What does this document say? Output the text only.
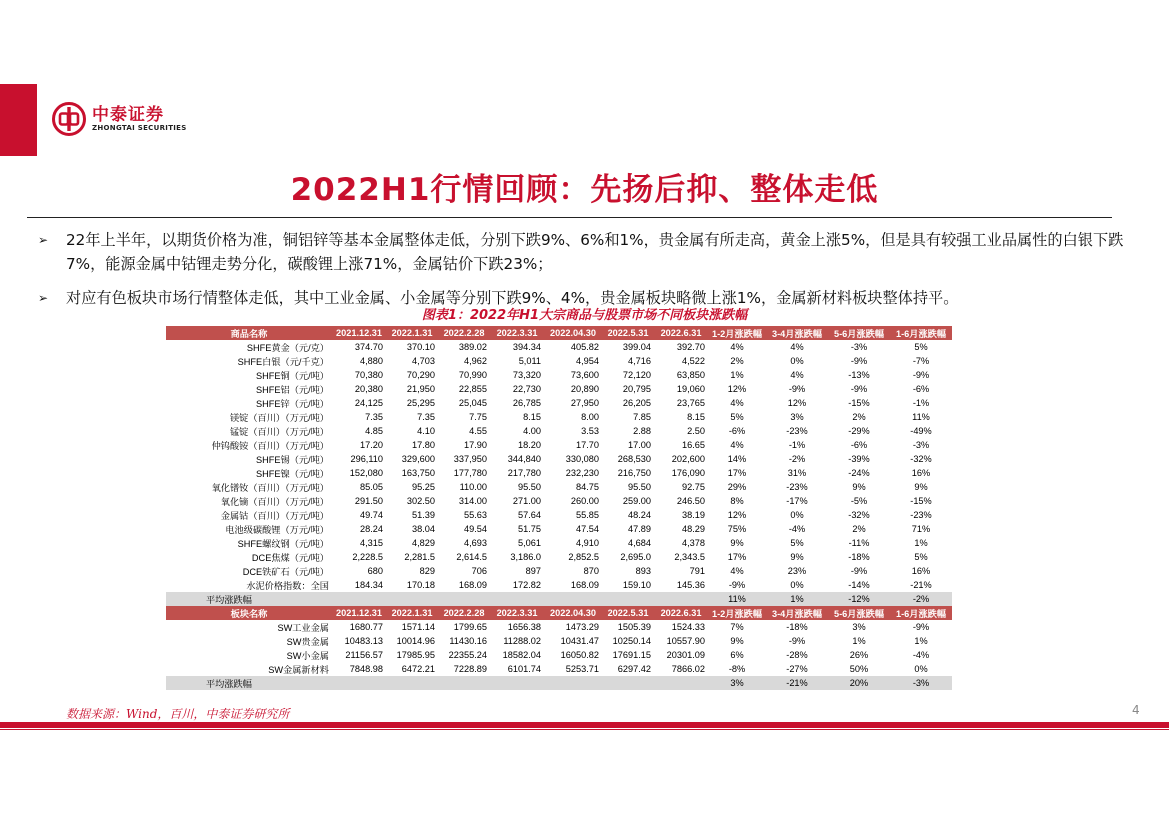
中泰证券
ZHONGTAI SECURITIES
2022H1行情回顾：先扬后抑、整体走低
➢ 22年上半年，以期货价格为准，铜铝锌等基本金属整体走低，分别下跌9%、6%和1%，贵金属有所走高，黄金上涨5%，但是具有较强工业品属性的白银下跌7%，能源金属中钴锂走势分化，碳酸锂上涨71%，金属钴价下跌23%；
➢ 对应有色板块市场行情整体走低，其中工业金属、小金属等分别下跌9%、4%，贵金属板块略微上涨1%，金属新材料板块整体持平。
图表1：2022年H1大宗商品与股票市场不同板块涨跌幅
商品名称	2021.12.31	2022.1.31	2022.2.28	2022.3.31	2022.04.30	2022.5.31	2022.6.31	1-2月涨跌幅	3-4月涨跌幅	5-6月涨跌幅	1-6月涨跌幅
SHFE黄金（元/克）	374.70	370.10	389.02	394.34	405.82	399.04	392.70	4%	4%	-3%	5%
SHFE白银（元/千克）	4,880	4,703	4,962	5,011	4,954	4,716	4,522	2%	0%	-9%	-7%
SHFE铜（元/吨）	70,380	70,290	70,990	73,320	73,600	72,120	63,850	1%	4%	-13%	-9%
SHFE铝（元/吨）	20,380	21,950	22,855	22,730	20,890	20,795	19,060	12%	-9%	-9%	-6%
SHFE锌（元/吨）	24,125	25,295	25,045	26,785	27,950	26,205	23,765	4%	12%	-15%	-1%
镁锭（百川）（万元/吨）	7.35	7.35	7.75	8.15	8.00	7.85	8.15	5%	3%	2%	11%
锰锭（百川）（万元/吨）	4.85	4.10	4.55	4.00	3.53	2.88	2.50	-6%	-23%	-29%	-49%
仲钨酸铵（百川）（万元/吨）	17.20	17.80	17.90	18.20	17.70	17.00	16.65	4%	-1%	-6%	-3%
SHFE锡（元/吨）	296,110	329,600	337,950	344,840	330,080	268,530	202,600	14%	-2%	-39%	-32%
SHFE镍（元/吨）	152,080	163,750	177,780	217,780	232,230	216,750	176,090	17%	31%	-24%	16%
氧化镨钕（百川）（万元/吨）	85.05	95.25	110.00	95.50	84.75	95.50	92.75	29%	-23%	9%	9%
氧化镝（百川）（万元/吨）	291.50	302.50	314.00	271.00	260.00	259.00	246.50	8%	-17%	-5%	-15%
金属钴（百川）（万元/吨）	49.74	51.39	55.63	57.64	55.85	48.24	38.19	12%	0%	-32%	-23%
电池级碳酸锂（万元/吨）	28.24	38.04	49.54	51.75	47.54	47.89	48.29	75%	-4%	2%	71%
SHFE螺纹钢（元/吨）	4,315	4,829	4,693	5,061	4,910	4,684	4,378	9%	5%	-11%	1%
DCE焦煤（元/吨）	2,228.5	2,281.5	2,614.5	3,186.0	2,852.5	2,695.0	2,343.5	17%	9%	-18%	5%
DCE铁矿石（元/吨）	680	829	706	897	870	893	791	4%	23%	-9%	16%
水泥价格指数：全国	184.34	170.18	168.09	172.82	168.09	159.10	145.36	-9%	0%	-14%	-21%
平均涨跌幅								11%	1%	-12%	-2%
板块名称	2021.12.31	2022.1.31	2022.2.28	2022.3.31	2022.04.30	2022.5.31	2022.6.31	1-2月涨跌幅	3-4月涨跌幅	5-6月涨跌幅	1-6月涨跌幅
SW工业金属	1680.77	1571.14	1799.65	1656.38	1473.29	1505.39	1524.33	7%	-18%	3%	-9%
SW贵金属	10483.13	10014.96	11430.16	11288.02	10431.47	10250.14	10557.90	9%	-9%	1%	1%
SW小金属	21156.57	17985.95	22355.24	18582.04	16050.82	17691.15	20301.09	6%	-28%	26%	-4%
SW金属新材料	7848.98	6472.21	7228.89	6101.74	5253.71	6297.42	7866.02	-8%	-27%	50%	0%
平均涨跌幅								3%	-21%	20%	-3%
数据来源：Wind，百川，中泰证券研究所	4
